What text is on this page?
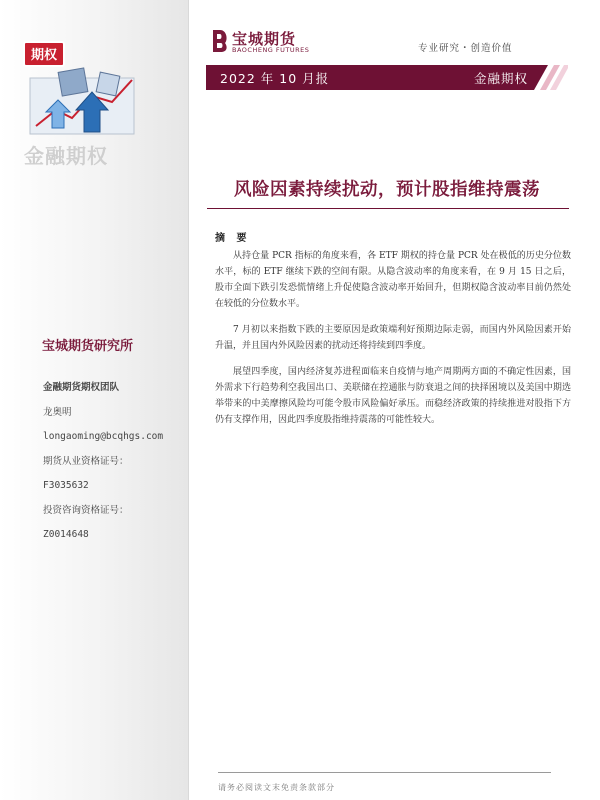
期权
金融期权
宝城期货研究所
金融期货期权团队
龙奥明
longaoming@bcqhgs.com
期货从业资格证号：
F3035632
投资咨询资格证号：
Z0014648
宝城期货
BAOCHENG FUTURES	专业研究・创造价值
2022 年 10 月报	金融期权
风险因素持续扰动，预计股指维持震荡
摘 要

从持仓量 PCR 指标的角度来看，各 ETF 期权的持仓量 PCR 处在极低的历史分位数水平，标的 ETF 继续下跌的空间有限。从隐含波动率的角度来看，在 9 月 15 日之后，股市全面下跌引发恐慌情绪上升促使隐含波动率开始回升，但期权隐含波动率目前仍然处在较低的分位数水平。

7 月初以来指数下跌的主要原因是政策端利好预期边际走弱，而国内外风险因素开始升温，并且国内外风险因素的扰动还将持续到四季度。

展望四季度，国内经济复苏进程面临来自疫情与地产周期两方面的不确定性因素，国外需求下行趋势利空我国出口、美联储在控通胀与防衰退之间的抉择困境以及美国中期选举带来的中美摩擦风险均可能令股市风险偏好承压。而稳经济政策的持续推进对股指下方仍有支撑作用，因此四季度股指维持震荡的可能性较大。

请务必阅读文末免责条款部分
